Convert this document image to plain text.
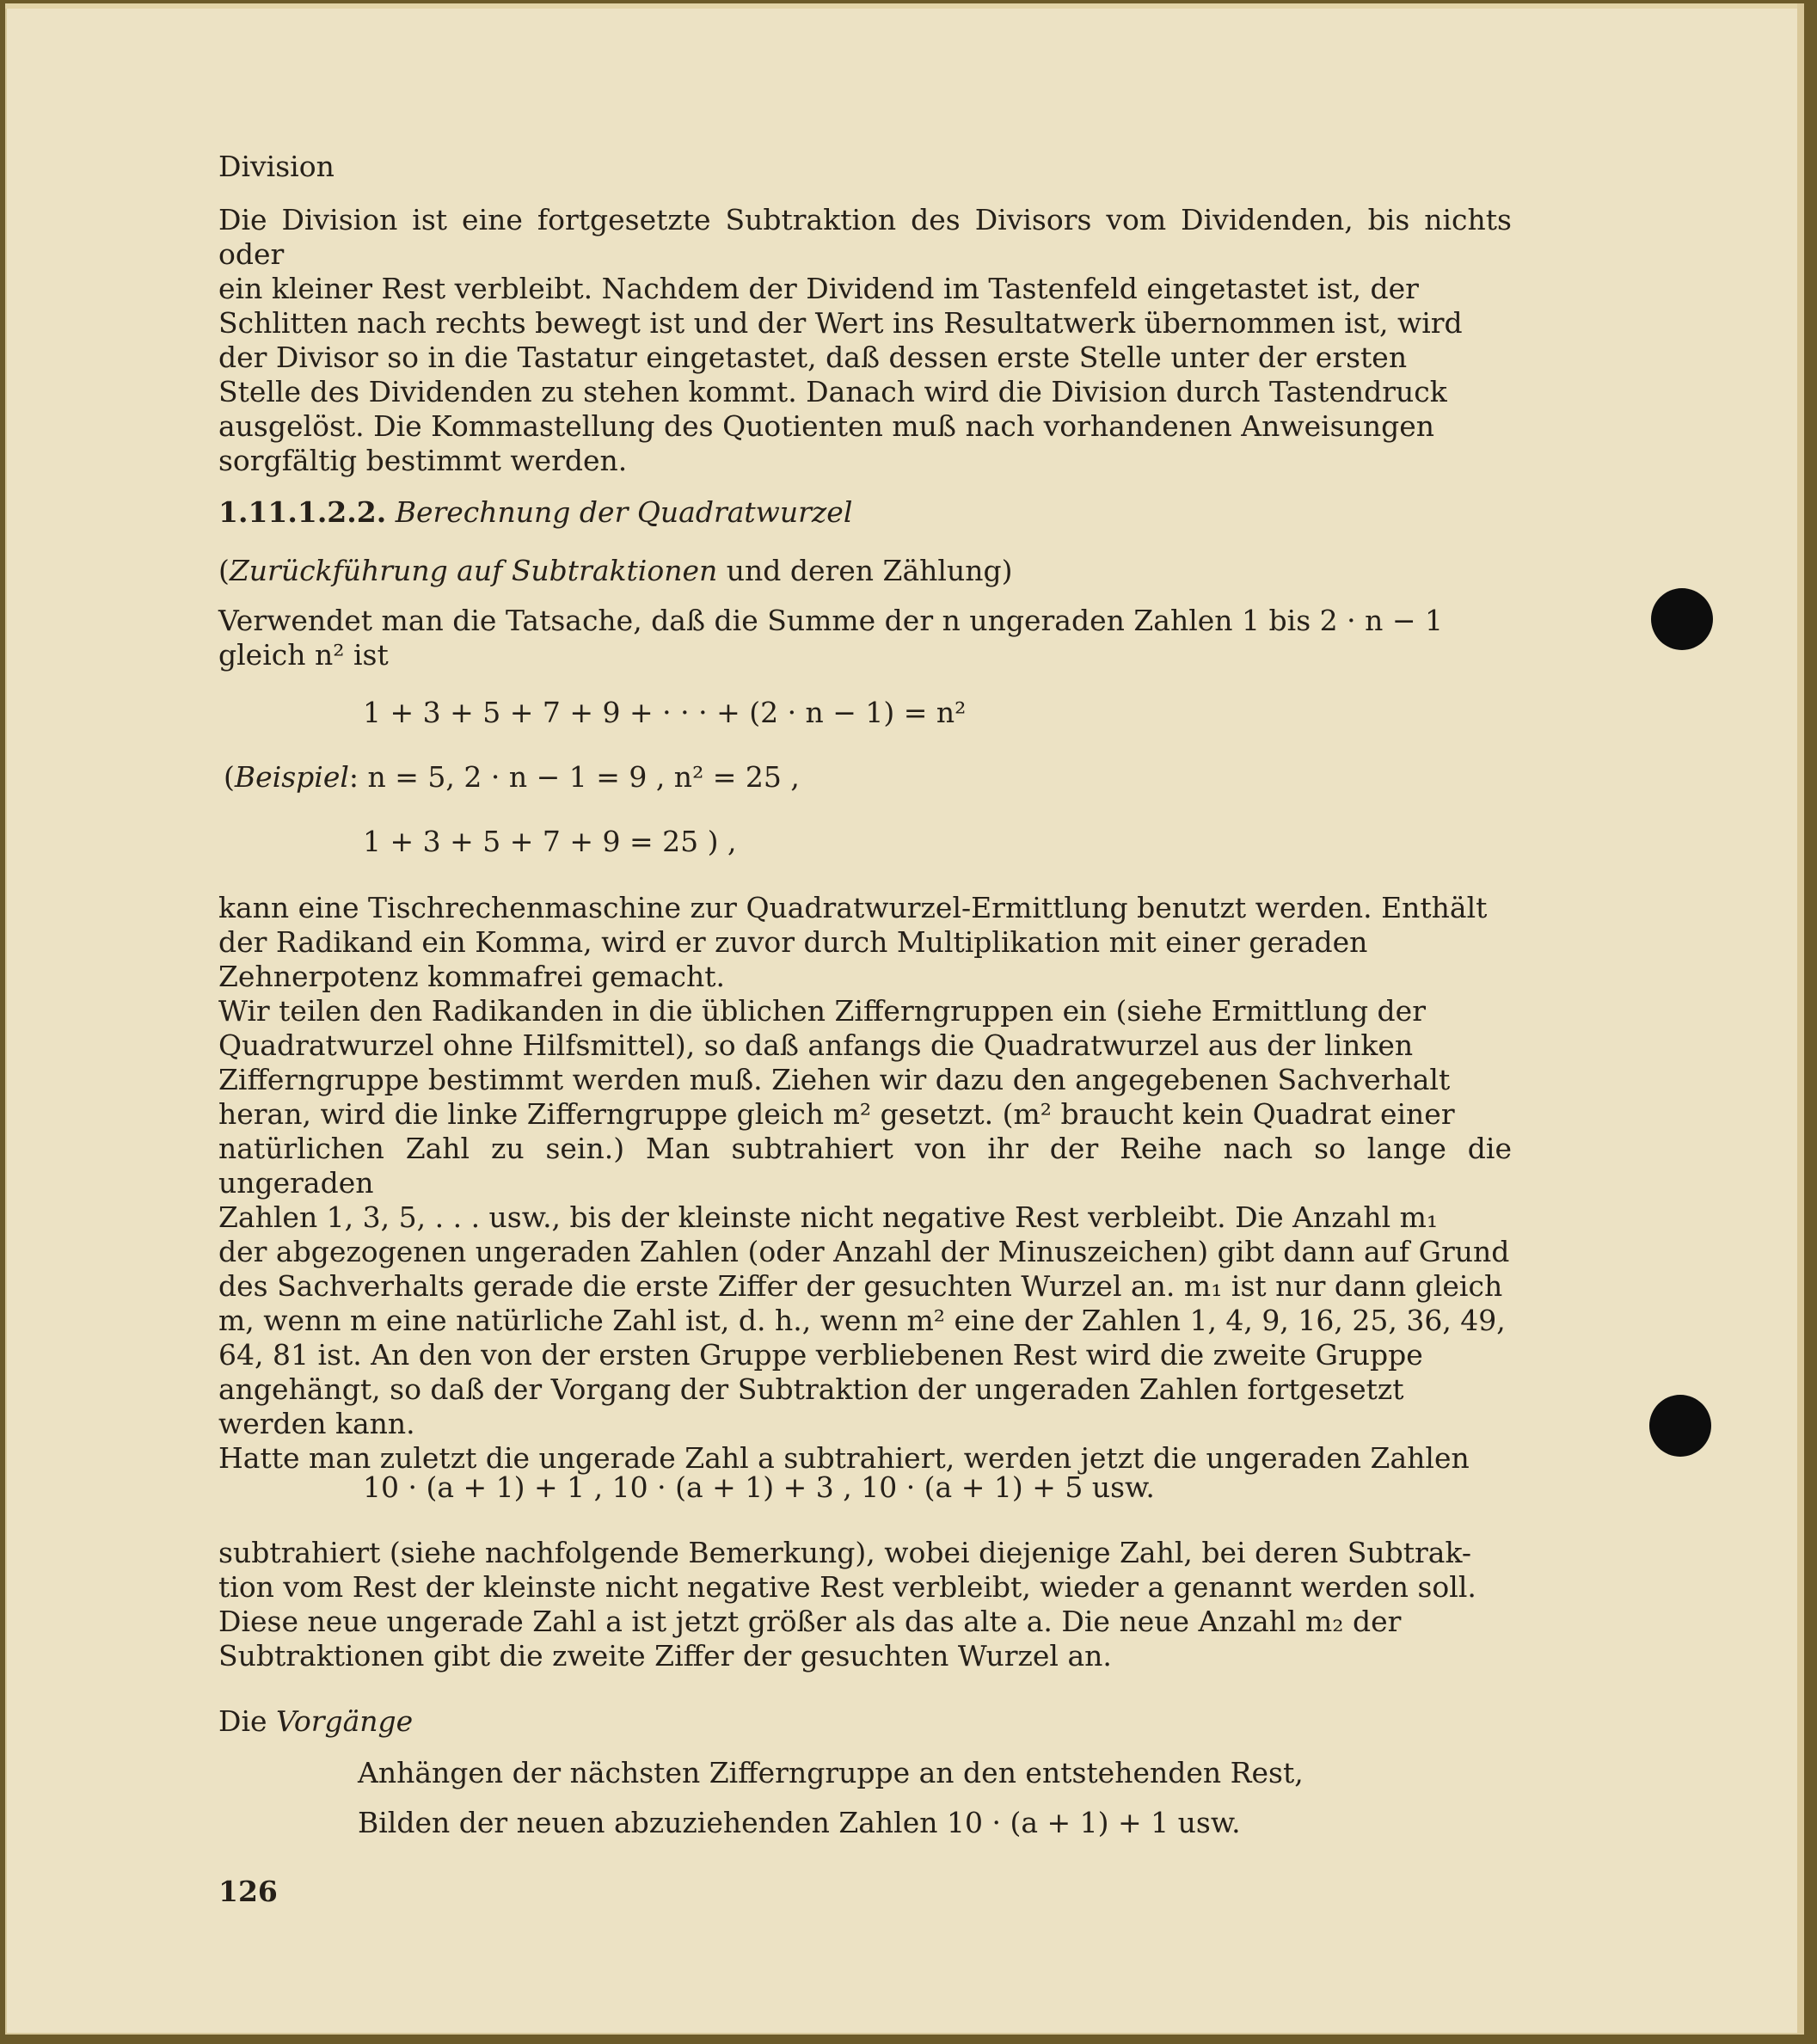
Division
Die Division ist eine fortgesetzte Subtraktion des Divisors vom Dividenden, bis nichts oder
ein kleiner Rest verbleibt. Nachdem der Dividend im Tastenfeld eingetastet ist, der
Schlitten nach rechts bewegt ist und der Wert ins Resultatwerk übernommen ist, wird
der Divisor so in die Tastatur eingetastet, daß dessen erste Stelle unter der ersten
Stelle des Dividenden zu stehen kommt. Danach wird die Division durch Tastendruck
ausgelöst. Die Kommastellung des Quotienten muß nach vorhandenen Anweisungen
sorgfältig bestimmt werden.
1.11.1.2.2. Berechnung der Quadratwurzel
(Zurückführung auf Subtraktionen und deren Zählung)
Verwendet man die Tatsache, daß die Summe der n ungeraden Zahlen 1 bis 2 · n − 1
gleich n² ist
1 + 3 + 5 + 7 + 9 + · · · + (2 · n − 1) = n²
(Beispiel: n = 5, 2 · n − 1 = 9 , n² = 25 ,
1 + 3 + 5 + 7 + 9 = 25 ) ,
kann eine Tischrechenmaschine zur Quadratwurzel-Ermittlung benutzt werden. Enthält
der Radikand ein Komma, wird er zuvor durch Multiplikation mit einer geraden
Zehnerpotenz kommafrei gemacht.
Wir teilen den Radikanden in die üblichen Zifferngruppen ein (siehe Ermittlung der
Quadratwurzel ohne Hilfsmittel), so daß anfangs die Quadratwurzel aus der linken
Zifferngruppe bestimmt werden muß. Ziehen wir dazu den angegebenen Sachverhalt
heran, wird die linke Zifferngruppe gleich m² gesetzt. (m² braucht kein Quadrat einer
natürlichen Zahl zu sein.) Man subtrahiert von ihr der Reihe nach so lange die ungeraden
Zahlen 1, 3, 5, . . . usw., bis der kleinste nicht negative Rest verbleibt. Die Anzahl m₁
der abgezogenen ungeraden Zahlen (oder Anzahl der Minuszeichen) gibt dann auf Grund
des Sachverhalts gerade die erste Ziffer der gesuchten Wurzel an. m₁ ist nur dann gleich
m, wenn m eine natürliche Zahl ist, d. h., wenn m² eine der Zahlen 1, 4, 9, 16, 25, 36, 49,
64, 81 ist. An den von der ersten Gruppe verbliebenen Rest wird die zweite Gruppe
angehängt, so daß der Vorgang der Subtraktion der ungeraden Zahlen fortgesetzt
werden kann.
Hatte man zuletzt die ungerade Zahl a subtrahiert, werden jetzt die ungeraden Zahlen
10 · (a + 1) + 1 , 10 · (a + 1) + 3 , 10 · (a + 1) + 5 usw.
subtrahiert (siehe nachfolgende Bemerkung), wobei diejenige Zahl, bei deren Subtrak-
tion vom Rest der kleinste nicht negative Rest verbleibt, wieder a genannt werden soll.
Diese neue ungerade Zahl a ist jetzt größer als das alte a. Die neue Anzahl m₂ der
Subtraktionen gibt die zweite Ziffer der gesuchten Wurzel an.
Die Vorgänge
Anhängen der nächsten Zifferngruppe an den entstehenden Rest,
Bilden der neuen abzuziehenden Zahlen 10 · (a + 1) + 1 usw.
126
